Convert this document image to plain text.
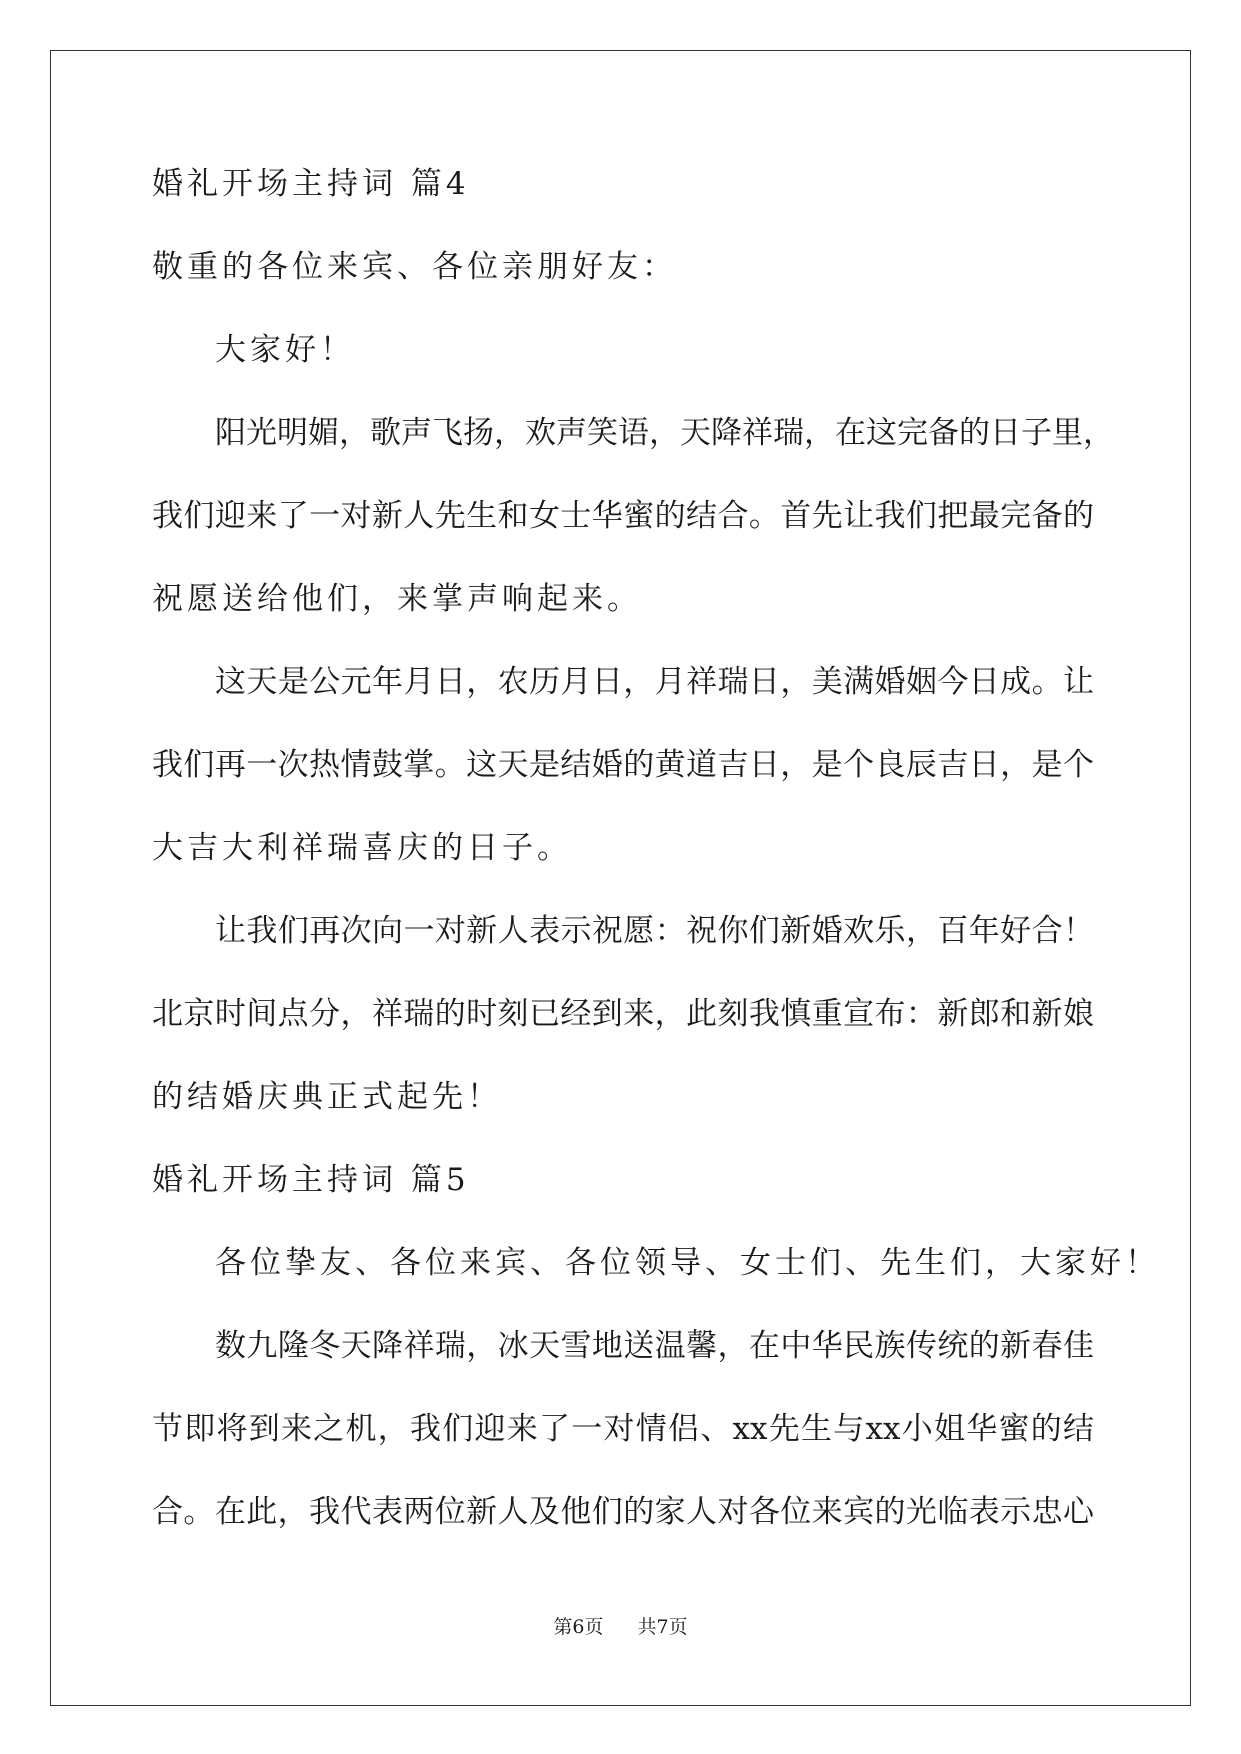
婚礼开场主持词 篇4
敬重的各位来宾、各位亲朋好友：
大家好！
阳光明媚，歌声飞扬，欢声笑语，天降祥瑞，在这完备的日子里，
我们迎来了一对新人先生和女士华蜜的结合。首先让我们把最完备的
祝愿送给他们，来掌声响起来。
这天是公元年月日，农历月日，月祥瑞日，美满婚姻今日成。让
我们再一次热情鼓掌。这天是结婚的黄道吉日，是个良辰吉日，是个
大吉大利祥瑞喜庆的日子。
让我们再次向一对新人表示祝愿：祝你们新婚欢乐，百年好合！
北京时间点分，祥瑞的时刻已经到来，此刻我慎重宣布：新郎和新娘
的结婚庆典正式起先！
婚礼开场主持词 篇5
各位挚友、各位来宾、各位领导、女士们、先生们，大家好！
数九隆冬天降祥瑞，冰天雪地送温馨，在中华民族传统的新春佳
节即将到来之机，我们迎来了一对情侣、xx先生与xx小姐华蜜的结
合。在此，我代表两位新人及他们的家人对各位来宾的光临表示忠心
第6页 共7页
